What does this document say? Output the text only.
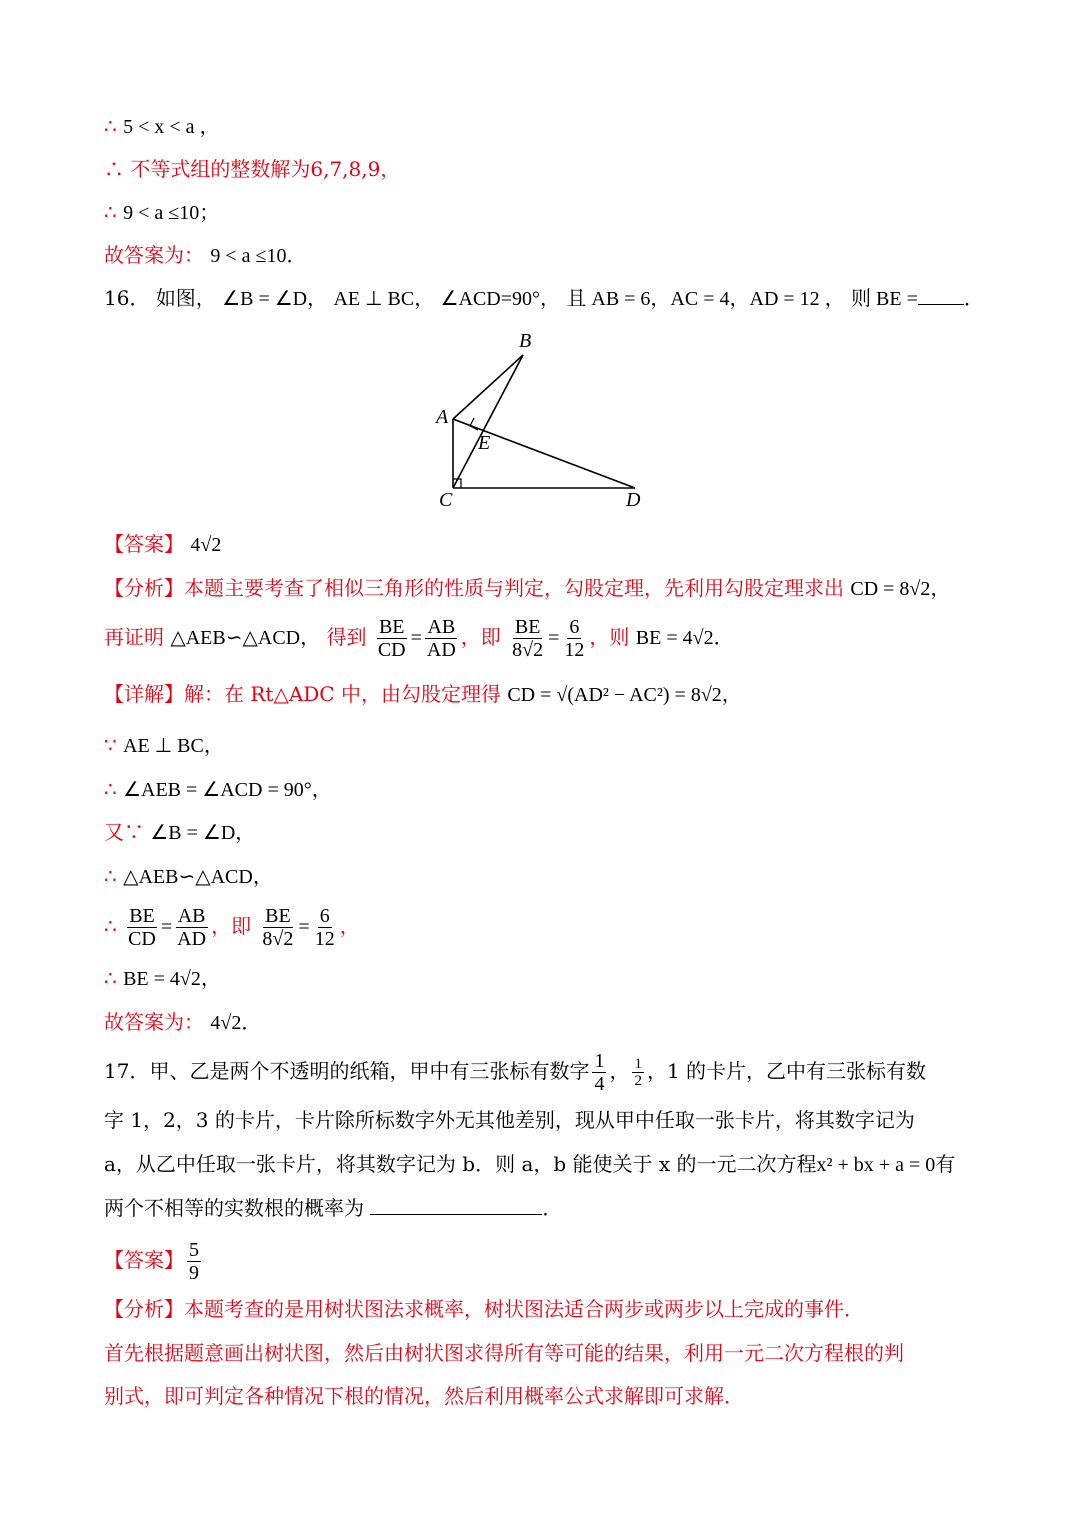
∴ 5 < x < a ，
∴ 不等式组的整数解为6,7,8,9，
∴ 9 < a ≤10；
故答案为： 9 < a ≤10．
16． 如图， ∠B = ∠D， AE ⊥ BC， ∠ACD=90°， 且 AB = 6，AC = 4，AD = 12 ， 则 BE = ．
B
A
E
C	D
【答案】 4√2
【分析】本题主要考查了相似三角形的性质与判定，勾股定理，先利用勾股定理求出 CD = 8√2，
再证明 △AEB∽△ACD， 得到 $\frac{BE}{CD} = \frac{AB}{AD}$ ，即 $\frac{BE}{8√2} = \frac{6}{12}$ ，则 BE = 4√2．
【详解】解：在 Rt△ADC 中，由勾股定理得 CD = √(AD² − AC²) = 8√2，
∵ AE ⊥ BC，
∴ ∠AEB = ∠ACD = 90°，
又∵ ∠B = ∠D，
∴ △AEB∽△ACD，
∴ $\frac{BE}{CD} = \frac{AB}{AD}$ ，即 $\frac{BE}{8√2} = \frac{6}{12}$ ，
∴ BE = 4√2，
故答案为： 4√2．
17．甲、乙是两个不透明的纸箱，甲中有三张标有数字 $\frac{1}{4}$ ， $\frac{1}{2}$ ，1 的卡片，乙中有三张标有数
字 1，2，3 的卡片，卡片除所标数字外无其他差别，现从甲中任取一张卡片，将其数字记为
a，从乙中任取一张卡片，将其数字记为 b．则 a，b 能使关于 x 的一元二次方程x² + bx + a = 0有
两个不相等的实数根的概率为	．
【答案】 $\frac{5}{9}$
【分析】本题考查的是用树状图法求概率，树状图法适合两步或两步以上完成的事件．
首先根据题意画出树状图，然后由树状图求得所有等可能的结果，利用一元二次方程根的判
别式，即可判定各种情况下根的情况，然后利用概率公式求解即可求解．
